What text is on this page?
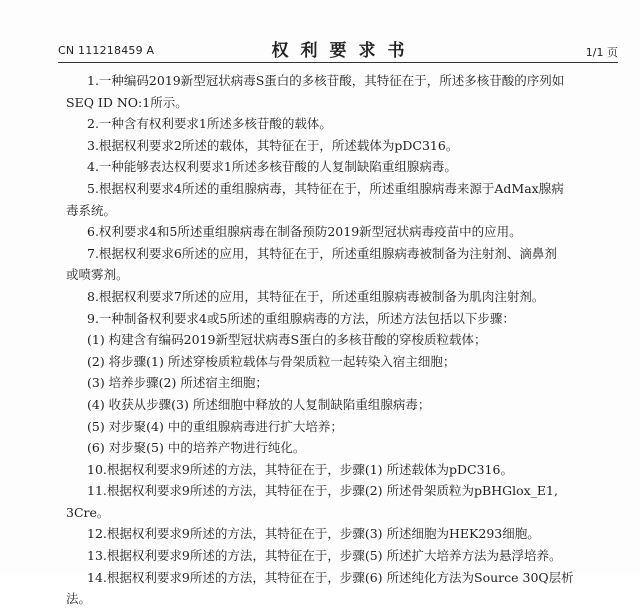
CN 111218459 A	权利要求书	1/1 页

1.一种编码2019新型冠状病毒S蛋白的多核苷酸，其特征在于，所述多核苷酸的序列如

SEQ ID NO:1所示。

2.一种含有权利要求1所述多核苷酸的载体。

3.根据权利要求2所述的载体，其特征在于，所述载体为pDC316。

4.一种能够表达权利要求1所述多核苷酸的人复制缺陷重组腺病毒。

5.根据权利要求4所述的重组腺病毒，其特征在于，所述重组腺病毒来源于AdMax腺病

毒系统。

6.权利要求4和5所述重组腺病毒在制备预防2019新型冠状病毒疫苗中的应用。

7.根据权利要求6所述的应用，其特征在于，所述重组腺病毒被制备为注射剂、滴鼻剂

或喷雾剂。

8.根据权利要求7所述的应用，其特征在于，所述重组腺病毒被制备为肌肉注射剂。

9.一种制备权利要求4或5所述的重组腺病毒的方法，所述方法包括以下步骤：

(1) 构建含有编码2019新型冠状病毒S蛋白的多核苷酸的穿梭质粒载体；

(2) 将步骤(1) 所述穿梭质粒载体与骨架质粒一起转染入宿主细胞；

(3) 培养步骤(2) 所述宿主细胞；

(4) 收获从步骤(3) 所述细胞中释放的人复制缺陷重组腺病毒；

(5) 对步聚(4) 中的重组腺病毒进行扩大培养；

(6) 对步聚(5) 中的培养产物进行纯化。

10.根据权利要求9所述的方法，其特征在于，步骤(1) 所述载体为pDC316。

11.根据权利要求9所述的方法，其特征在于，步骤(2) 所述骨架质粒为pBHGlox_E1,

3Cre。

12.根据权利要求9所述的方法，其特征在于，步骤(3) 所述细胞为HEK293细胞。

13.根据权利要求9所述的方法，其特征在于，步骤(5) 所述扩大培养方法为悬浮培养。

14.根据权利要求9所述的方法，其特征在于，步骤(6) 所述纯化方法为Source 30Q层析

法。
